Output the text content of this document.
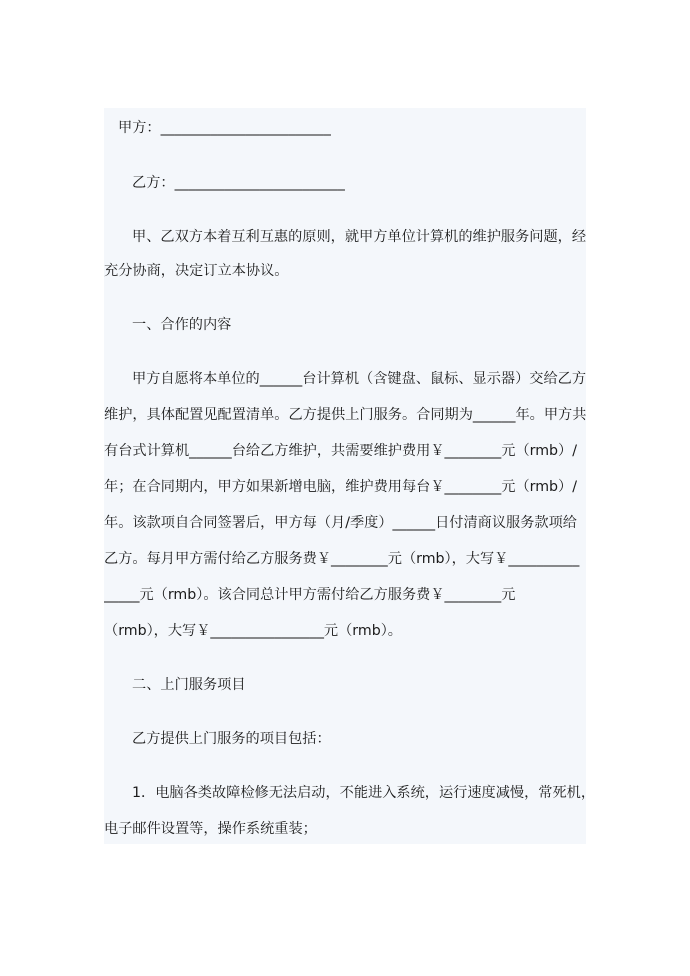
甲方：________________________
乙方：________________________
甲、乙双方本着互利互惠的原则，就甲方单位计算机的维护服务问题，经
充分协商，决定订立本协议。
一、合作的内容
甲方自愿将本单位的______台计算机（含键盘、鼠标、显示器）交给乙方
维护，具体配置见配置清单。乙方提供上门服务。合同期为______年。甲方共
有台式计算机______台给乙方维护，共需要维护费用￥________元（rmb）/
年；在合同期内，甲方如果新增电脑，维护费用每台￥________元（rmb）/
年。该款项自合同签署后，甲方每（月/季度）______日付清商议服务款项给
乙方。每月甲方需付给乙方服务费￥________元（rmb），大写￥__________
_____元（rmb）。该合同总计甲方需付给乙方服务费￥________元
（rmb），大写￥________________元（rmb）。
二、上门服务项目
乙方提供上门服务的项目包括：
1．电脑各类故障检修无法启动，不能进入系统，运行速度减慢，常死机，
电子邮件设置等，操作系统重装；
